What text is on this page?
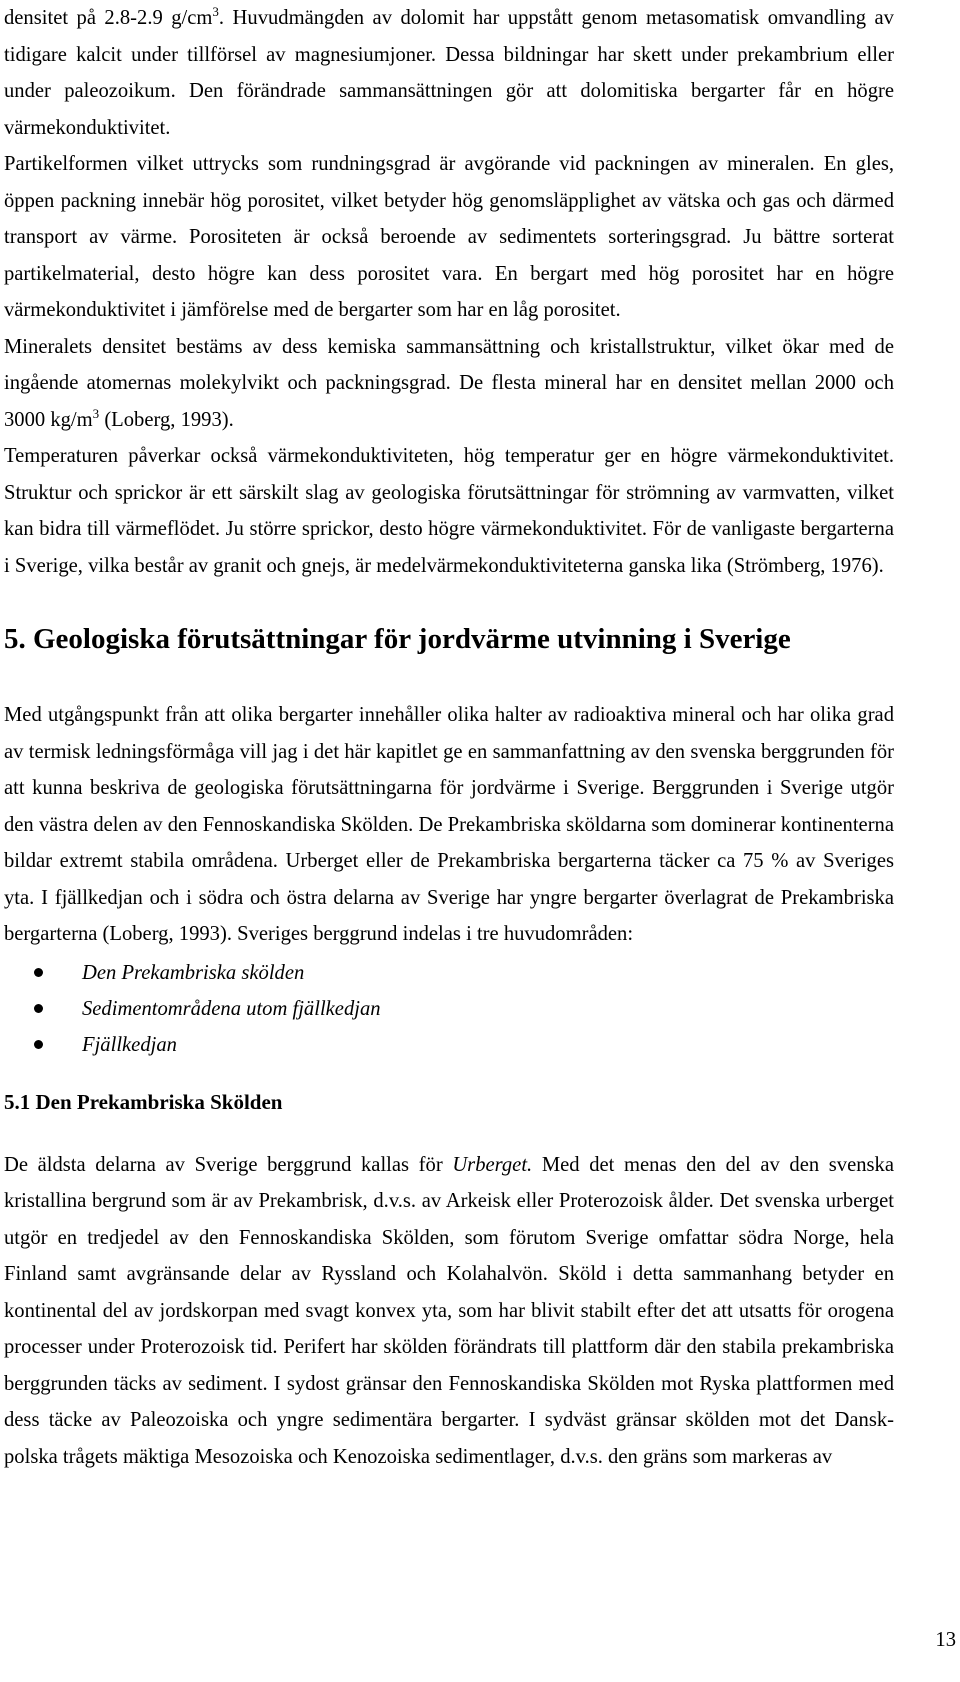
densitet på 2.8-2.9 $g/cm^3$. Huvudmängden av dolomit har uppstått genom metasomatisk omvandling av tidigare kalcit under tillförsel av magnesiumjoner. Dessa bildningar har skett under prekambrium eller under paleozoikum. Den förändrade sammansättningen gör att dolomitiska bergarter får en högre värmekonduktivitet.

Partikelformen vilket uttrycks som rundningsgrad är avgörande vid packningen av mineralen. En gles, öppen packning innebär hög porositet, vilket betyder hög genomsläpplighet av vätska och gas och därmed transport av värme. Porositeten är också beroende av sedimentets sorteringsgrad. Ju bättre sorterat partikelmaterial, desto högre kan dess porositet vara. En bergart med hög porositet har en högre värmekonduktivitet i jämförelse med de bergarter som har en låg porositet.

Mineralets densitet bestäms av dess kemiska sammansättning och kristallstruktur, vilket ökar med de ingående atomernas molekylvikt och packningsgrad. De flesta mineral har en densitet mellan 2000 och 3000 $kg/m^3$ (Loberg, 1993).

Temperaturen påverkar också värmekonduktiviteten, hög temperatur ger en högre värmekonduktivitet. Struktur och sprickor är ett särskilt slag av geologiska förutsättningar för strömning av varmvatten, vilket kan bidra till värmeflödet. Ju större sprickor, desto högre värmekonduktivitet. För de vanligaste bergarterna i Sverige, vilka består av granit och gnejs, är medelvärmekonduktiviteterna ganska lika (Strömberg, 1976).

5. Geologiska förutsättningar för jordvärme utvinning i Sverige

Med utgångspunkt från att olika bergarter innehåller olika halter av radioaktiva mineral och har olika grad av termisk ledningsförmåga vill jag i det här kapitlet ge en sammanfattning av den svenska berggrunden för att kunna beskriva de geologiska förutsättningarna för jordvärme i Sverige. Berggrunden i Sverige utgör den västra delen av den Fennoskandiska Skölden. De Prekambriska sköldarna som dominerar kontinenterna bildar extremt stabila områdena. Urberget eller de Prekambriska bergarterna täcker ca 75 % av Sveriges yta. I fjällkedjan och i södra och östra delarna av Sverige har yngre bergarter överlagrat de Prekambriska bergarterna (Loberg, 1993). Sveriges berggrund indelas i tre huvudområden:

Den Prekambriska skölden
Sedimentområdena utom fjällkedjan
Fjällkedjan
5.1 Den Prekambriska Skölden

De äldsta delarna av Sverige berggrund kallas för Urberget. Med det menas den del av den svenska kristallina bergrund som är av Prekambrisk, d.v.s. av Arkeisk eller Proterozoisk ålder. Det svenska urberget utgör en tredjedel av den Fennoskandiska Skölden, som förutom Sverige omfattar södra Norge, hela Finland samt avgränsande delar av Ryssland och Kolahalvön. Sköld i detta sammanhang betyder en kontinental del av jordskorpan med svagt konvex yta, som har blivit stabilt efter det att utsatts för orogena processer under Proterozoisk tid. Perifert har skölden förändrats till plattform där den stabila prekambriska berggrunden täcks av sediment. I sydost gränsar den Fennoskandiska Skölden mot Ryska plattformen med dess täcke av Paleozoiska och yngre sedimentära bergarter. I sydväst gränsar skölden mot det Dansk- polska trågets mäktiga Mesozoiska och Kenozoiska sedimentlager, d.v.s. den gräns som markeras av

13
